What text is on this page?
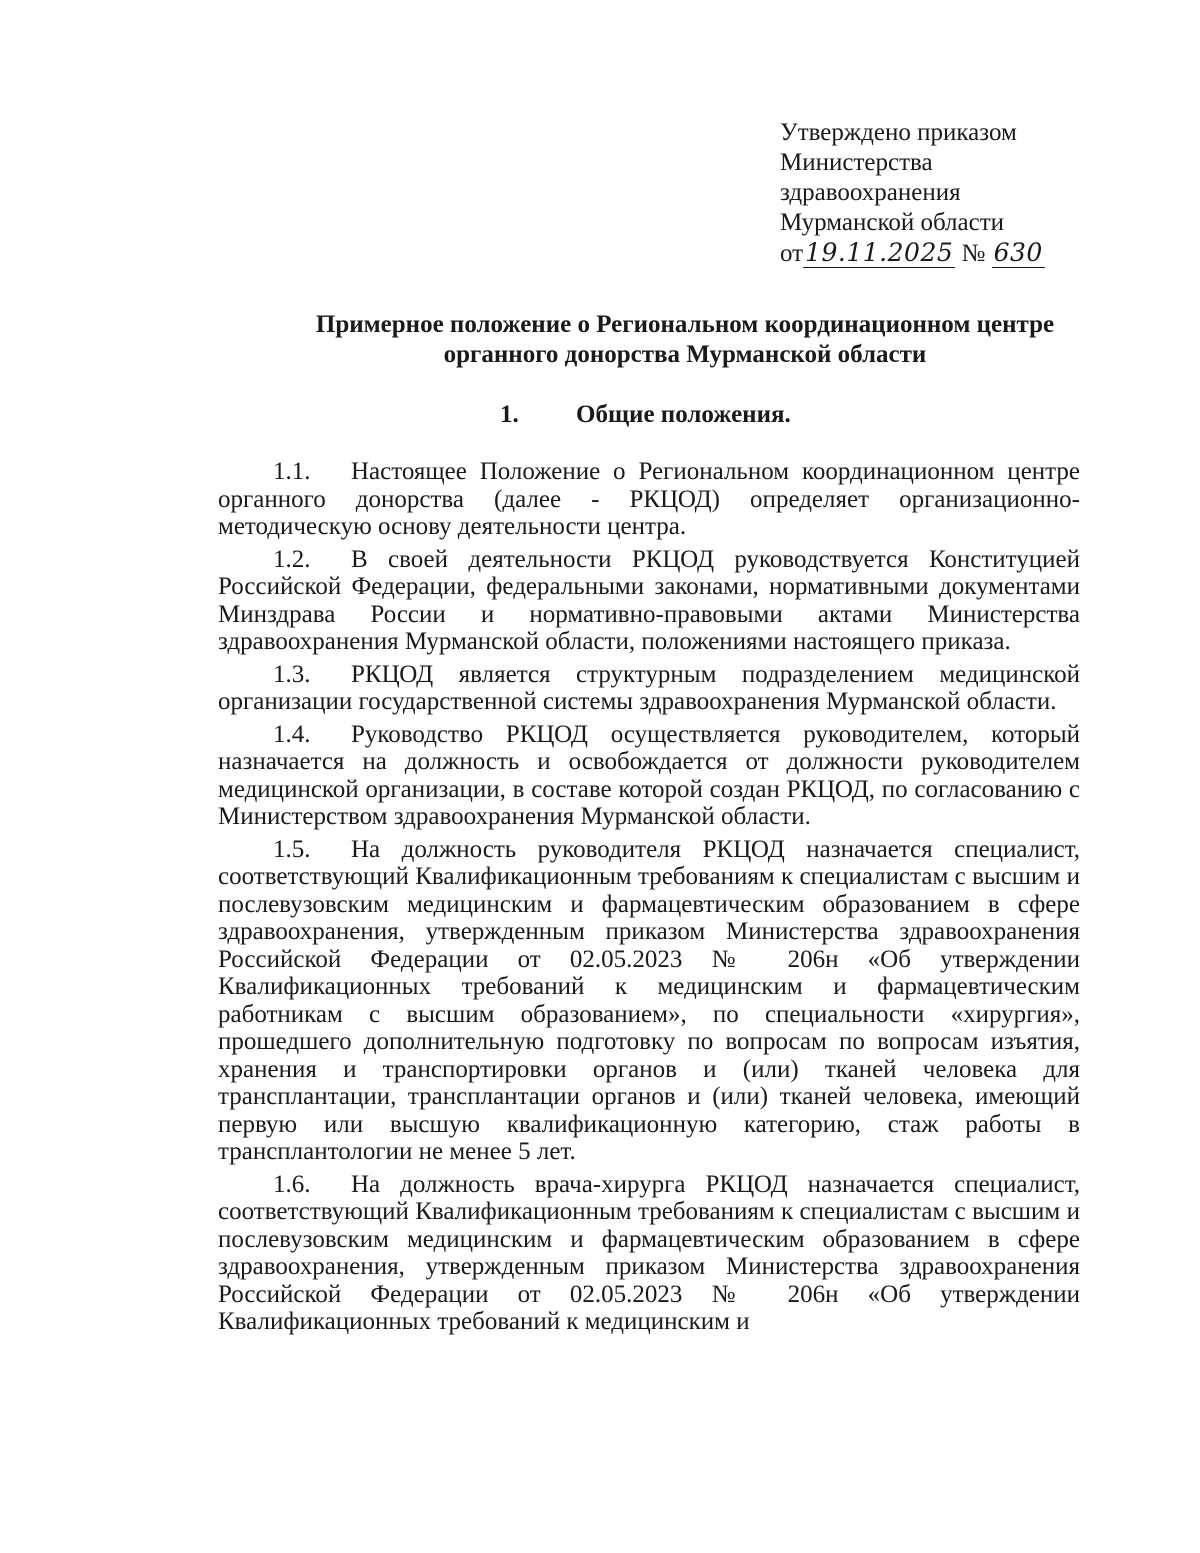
Утверждено приказом
Министерства
здравоохранения
Мурманской области
от19.11.2025 № 630
Примерное положение о Региональном координационном центре органного донорства Мурманской области
1. Общие положения.

1.1. Настоящее Положение о Региональном координационном центре органного донорства (далее - РКЦОД) определяет организационно-методическую основу деятельности центра.

1.2. В своей деятельности РКЦОД руководствуется Конституцией Российской Федерации, федеральными законами, нормативными документами Минздрава России и нормативно-правовыми актами Министерства здравоохранения Мурманской области, положениями настоящего приказа.

1.3. РКЦОД является структурным подразделением медицинской организации государственной системы здравоохранения Мурманской области.

1.4. Руководство РКЦОД осуществляется руководителем, который назначается на должность и освобождается от должности руководителем медицинской организации, в составе которой создан РКЦОД, по согласованию с Министерством здравоохранения Мурманской области.

1.5. На должность руководителя РКЦОД назначается специалист, соответствующий Квалификационным требованиям к специалистам с высшим и послевузовским медицинским и фармацевтическим образованием в сфере здравоохранения, утвержденным приказом Министерства здравоохранения Российской Федерации от 02.05.2023 № 206н «Об утверждении Квалификационных требований к медицинским и фармацевтическим работникам с высшим образованием», по специальности «хирургия», прошедшего дополнительную подготовку по вопросам по вопросам изъятия, хранения и транспортировки органов и (или) тканей человека для трансплантации, трансплантации органов и (или) тканей человека, имеющий первую или высшую квалификационную категорию, стаж работы в трансплантологии не менее 5 лет.

1.6. На должность врача-хирурга РКЦОД назначается специалист, соответствующий Квалификационным требованиям к специалистам с высшим и послевузовским медицинским и фармацевтическим образованием в сфере здравоохранения, утвержденным приказом Министерства здравоохранения Российской Федерации от 02.05.2023 № 206н «Об утверждении Квалификационных требований к медицинским и
